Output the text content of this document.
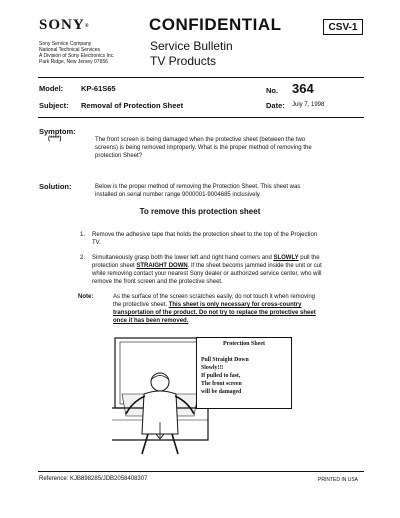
SONY®
Sony Service Company
National Technical Services
A Division of Sony Electronics Inc.
Park Ridge, New Jersey 07656
CONFIDENTIAL
Service Bulletin
TV Products
CSV-1
Model: KP-61S65	No. 364
Subject: Removal of Protection Sheet	Date: July 7, 1998
Symptom:
(****)	The front screen is being damaged when the protective sheet (between the two
screens) is being removed improperly. What is the proper method of removing the
protection Sheet?
Solution:	Below is the proper method of removing the Protection Sheet. This sheet was
installed on serial number range 9000001-9004685 inclusively
To remove this protection sheet
1. Remove the adhesive tape that holds the protection sheet to the top of the Projection
TV.
2. Simultaneously grasp both the lower left and right hand corners and SLOWLY pull the
protection sheet STRAIGHT DOWN. If the sheet becoms jammed inside the unit or cut
while removing contact your nearest Sony dealer or authorized service center, who will
remove the front screen and the protective sheet.
Note:	As the surface of the screen scratches easily, do not touch it when removing
the protective sheet. This sheet is only necessary for cross-country
transportation of the product. Do not try to replace the protective sheet
once it has been removed.
Protection Sheet
Pull Straight Down
Slowly!!!
If pulled to fast,
The front screen
will be damaged
Reference: KJB898285/JDB2058408307	PRINTED IN USA
